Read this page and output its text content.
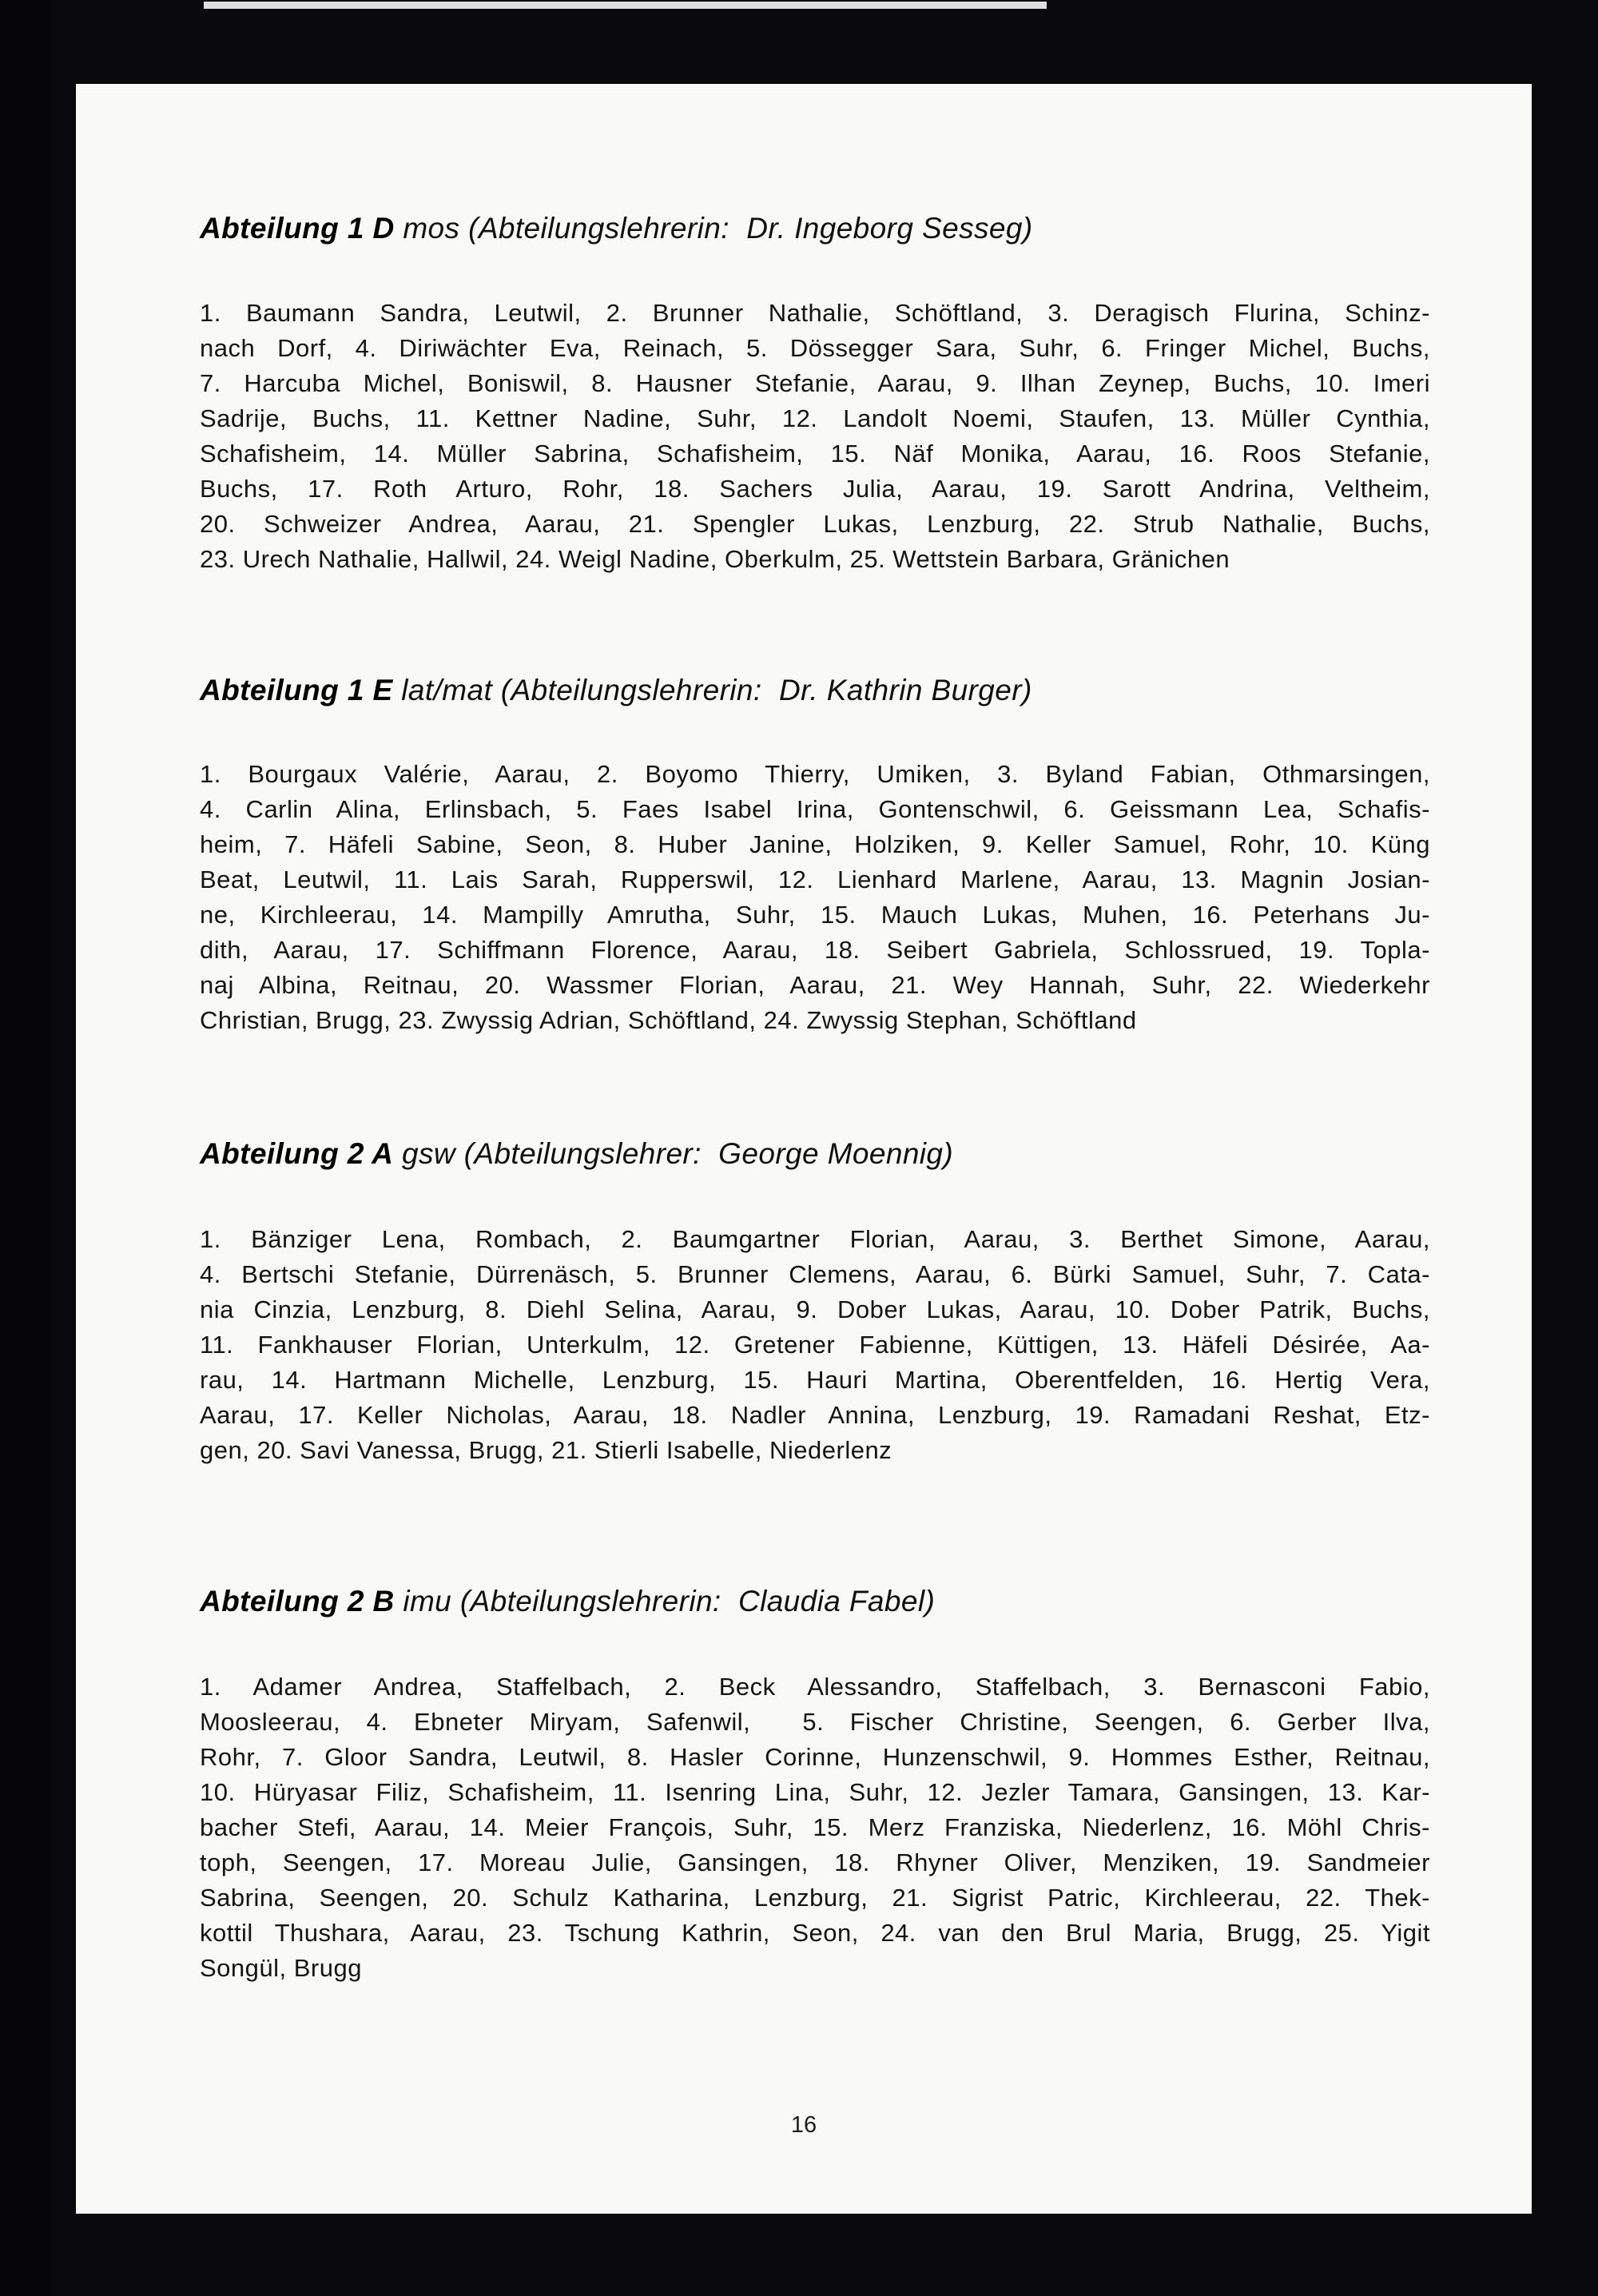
Abteilung 1 D mos (Abteilungslehrerin:  Dr. Ingeborg Sesseg)
1. Baumann Sandra, Leutwil, 2. Brunner Nathalie, Schöftland, 3. Deragisch Flurina, Schinz-
nach Dorf, 4. Diriwächter Eva, Reinach, 5. Dössegger Sara, Suhr, 6. Fringer Michel, Buchs,
7. Harcuba Michel, Boniswil, 8. Hausner Stefanie, Aarau, 9. Ilhan Zeynep, Buchs, 10. Imeri
Sadrije, Buchs, 11. Kettner Nadine, Suhr, 12. Landolt Noemi, Staufen, 13. Müller Cynthia,
Schafisheim, 14. Müller Sabrina, Schafisheim, 15. Näf Monika, Aarau, 16. Roos Stefanie,
Buchs, 17. Roth Arturo, Rohr, 18. Sachers Julia, Aarau, 19. Sarott Andrina, Veltheim,
20. Schweizer Andrea, Aarau, 21. Spengler Lukas, Lenzburg, 22. Strub Nathalie, Buchs,
23. Urech Nathalie, Hallwil, 24. Weigl Nadine, Oberkulm, 25. Wettstein Barbara, Gränichen
Abteilung 1 E lat/mat (Abteilungslehrerin:  Dr. Kathrin Burger)
1. Bourgaux Valérie, Aarau, 2. Boyomo Thierry, Umiken, 3. Byland Fabian, Othmarsingen,
4. Carlin Alina, Erlinsbach, 5. Faes Isabel Irina, Gontenschwil, 6. Geissmann Lea, Schafis-
heim, 7. Häfeli Sabine, Seon, 8. Huber Janine, Holziken, 9. Keller Samuel, Rohr, 10. Küng
Beat, Leutwil, 11. Lais Sarah, Rupperswil, 12. Lienhard Marlene, Aarau, 13. Magnin Josian-
ne, Kirchleerau, 14. Mampilly Amrutha, Suhr, 15. Mauch Lukas, Muhen, 16. Peterhans Ju-
dith, Aarau, 17. Schiffmann Florence, Aarau, 18. Seibert Gabriela, Schlossrued, 19. Topla-
naj Albina, Reitnau, 20. Wassmer Florian, Aarau, 21. Wey Hannah, Suhr, 22. Wiederkehr
Christian, Brugg, 23. Zwyssig Adrian, Schöftland, 24. Zwyssig Stephan, Schöftland
Abteilung 2 A gsw (Abteilungslehrer:  George Moennig)
1. Bänziger Lena, Rombach, 2. Baumgartner Florian, Aarau, 3. Berthet Simone, Aarau,
4. Bertschi Stefanie, Dürrenäsch, 5. Brunner Clemens, Aarau, 6. Bürki Samuel, Suhr, 7. Cata-
nia Cinzia, Lenzburg, 8. Diehl Selina, Aarau, 9. Dober Lukas, Aarau, 10. Dober Patrik, Buchs,
11. Fankhauser Florian, Unterkulm, 12. Gretener Fabienne, Küttigen, 13. Häfeli Désirée, Aa-
rau, 14. Hartmann Michelle, Lenzburg, 15. Hauri Martina, Oberentfelden, 16. Hertig Vera,
Aarau, 17. Keller Nicholas, Aarau, 18. Nadler Annina, Lenzburg, 19. Ramadani Reshat, Etz-
gen, 20. Savi Vanessa, Brugg, 21. Stierli Isabelle, Niederlenz
Abteilung 2 B imu (Abteilungslehrerin:  Claudia Fabel)
1. Adamer Andrea, Staffelbach, 2. Beck Alessandro, Staffelbach, 3. Bernasconi Fabio,
Moosleerau, 4. Ebneter Miryam, Safenwil,  5. Fischer Christine, Seengen, 6. Gerber Ilva,
Rohr, 7. Gloor Sandra, Leutwil, 8. Hasler Corinne, Hunzenschwil, 9. Hommes Esther, Reitnau,
10. Hüryasar Filiz, Schafisheim, 11. Isenring Lina, Suhr, 12. Jezler Tamara, Gansingen, 13. Kar-
bacher Stefi, Aarau, 14. Meier François, Suhr, 15. Merz Franziska, Niederlenz, 16. Möhl Chris-
toph, Seengen, 17. Moreau Julie, Gansingen, 18. Rhyner Oliver, Menziken, 19. Sandmeier
Sabrina, Seengen, 20. Schulz Katharina, Lenzburg, 21. Sigrist Patric, Kirchleerau, 22. Thek-
kottil Thushara, Aarau, 23. Tschung Kathrin, Seon, 24. van den Brul Maria, Brugg, 25. Yigit
Songül, Brugg
16
